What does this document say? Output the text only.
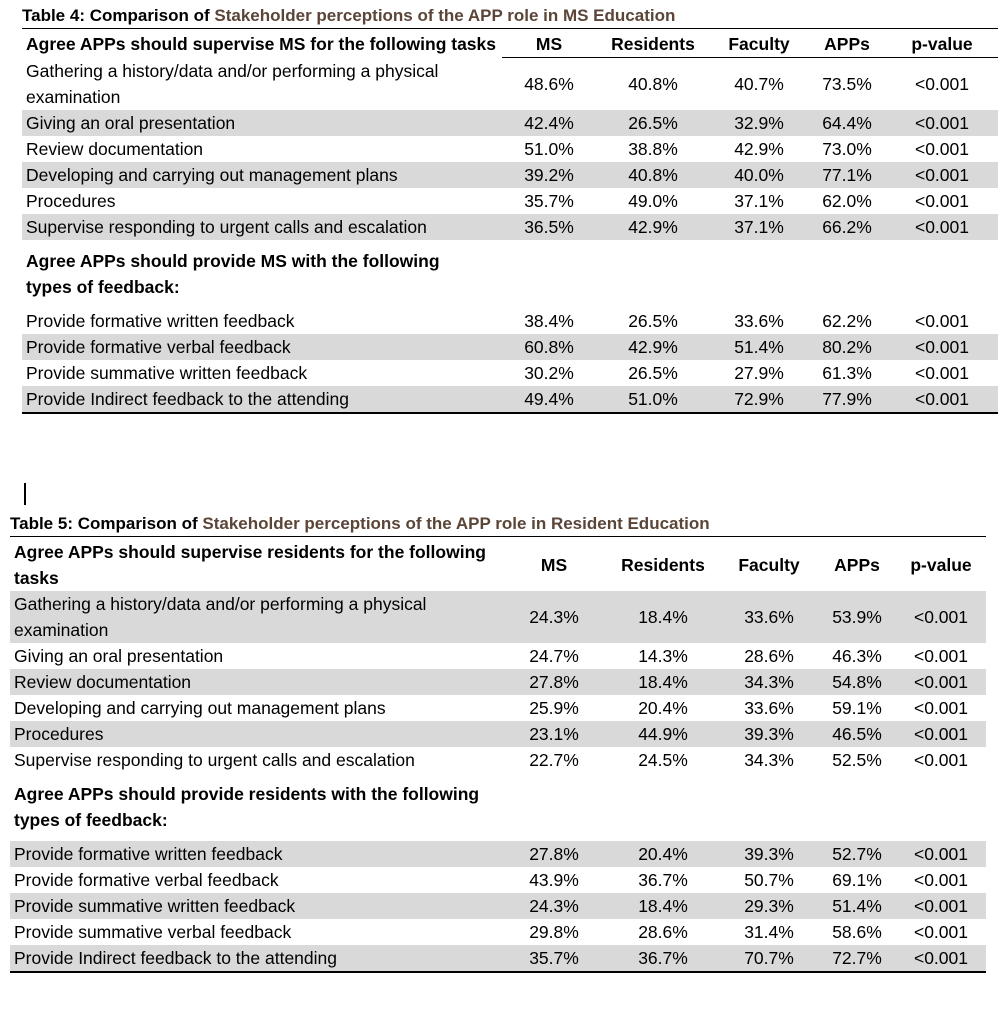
Table 4: Comparison of Stakeholder perceptions of the APP role in MS Education
Agree APPs should supervise MS for the following tasks	MS	Residents	Faculty	APPs	p-value
Gathering a history/data and/or performing a physical examination	48.6%	40.8%	40.7%	73.5%	<0.001
Giving an oral presentation	42.4%	26.5%	32.9%	64.4%	<0.001
Review documentation	51.0%	38.8%	42.9%	73.0%	<0.001
Developing and carrying out management plans	39.2%	40.8%	40.0%	77.1%	<0.001
Procedures	35.7%	49.0%	37.1%	62.0%	<0.001
Supervise responding to urgent calls and escalation	36.5%	42.9%	37.1%	66.2%	<0.001
Agree APPs should provide MS with the following types of feedback:					
Provide formative written feedback	38.4%	26.5%	33.6%	62.2%	<0.001
Provide formative verbal feedback	60.8%	42.9%	51.4%	80.2%	<0.001
Provide summative written feedback	30.2%	26.5%	27.9%	61.3%	<0.001
Provide Indirect feedback to the attending	49.4%	51.0%	72.9%	77.9%	<0.001
Table 5: Comparison of Stakeholder perceptions of the APP role in Resident Education
Agree APPs should supervise residents for the following tasks	MS	Residents	Faculty	APPs	p-value
Gathering a history/data and/or performing a physical examination	24.3%	18.4%	33.6%	53.9%	<0.001
Giving an oral presentation	24.7%	14.3%	28.6%	46.3%	<0.001
Review documentation	27.8%	18.4%	34.3%	54.8%	<0.001
Developing and carrying out management plans	25.9%	20.4%	33.6%	59.1%	<0.001
Procedures	23.1%	44.9%	39.3%	46.5%	<0.001
Supervise responding to urgent calls and escalation	22.7%	24.5%	34.3%	52.5%	<0.001
Agree APPs should provide residents with the following types of feedback:					
Provide formative written feedback	27.8%	20.4%	39.3%	52.7%	<0.001
Provide formative verbal feedback	43.9%	36.7%	50.7%	69.1%	<0.001
Provide summative written feedback	24.3%	18.4%	29.3%	51.4%	<0.001
Provide summative verbal feedback	29.8%	28.6%	31.4%	58.6%	<0.001
Provide Indirect feedback to the attending	35.7%	36.7%	70.7%	72.7%	<0.001
